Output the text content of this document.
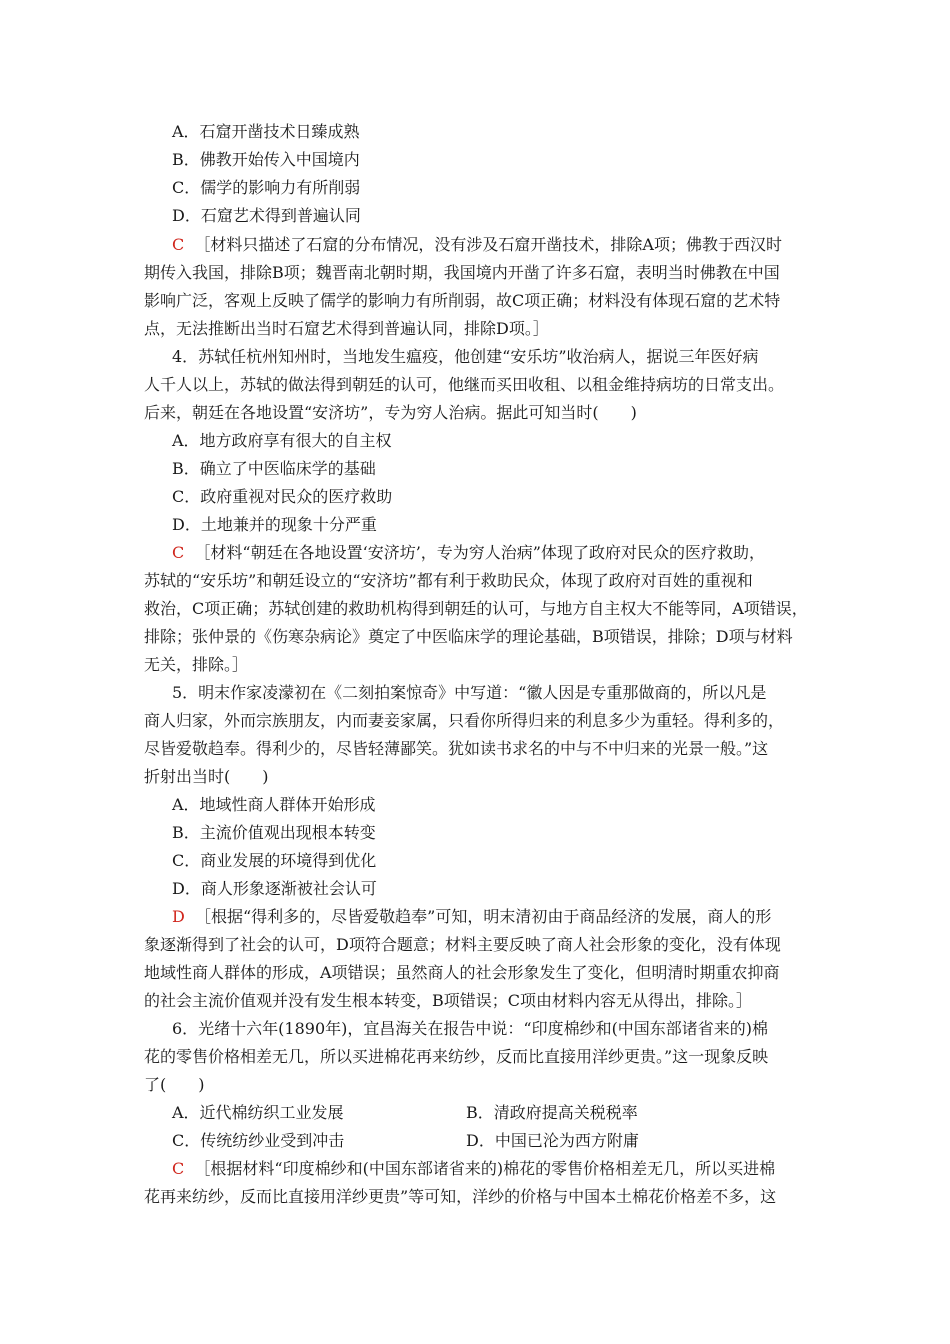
A．石窟开凿技术日臻成熟
B．佛教开始传入中国境内
C．儒学的影响力有所削弱
D．石窟艺术得到普遍认同
C ［材料只描述了石窟的分布情况，没有涉及石窟开凿技术，排除A项；佛教于西汉时
期传入我国，排除B项；魏晋南北朝时期，我国境内开凿了许多石窟，表明当时佛教在中国
影响广泛，客观上反映了儒学的影响力有所削弱，故C项正确；材料没有体现石窟的艺术特
点，无法推断出当时石窟艺术得到普遍认同，排除D项。］
4．苏轼任杭州知州时，当地发生瘟疫，他创建“安乐坊”收治病人，据说三年医好病
人千人以上，苏轼的做法得到朝廷的认可，他继而买田收租、以租金维持病坊的日常支出。
后来，朝廷在各地设置“安济坊”，专为穷人治病。据此可知当时(　　)
A．地方政府享有很大的自主权
B．确立了中医临床学的基础
C．政府重视对民众的医疗救助
D．土地兼并的现象十分严重
C ［材料“朝廷在各地设置‘安济坊’，专为穷人治病”体现了政府对民众的医疗救助，
苏轼的“安乐坊”和朝廷设立的“安济坊”都有利于救助民众，体现了政府对百姓的重视和
救治，C项正确；苏轼创建的救助机构得到朝廷的认可，与地方自主权大不能等同，A项错误，
排除；张仲景的《伤寒杂病论》奠定了中医临床学的理论基础，B项错误，排除；D项与材料
无关，排除。］
5．明末作家凌濛初在《二刻拍案惊奇》中写道：“徽人因是专重那做商的，所以凡是
商人归家，外而宗族朋友，内而妻妾家属，只看你所得归来的利息多少为重轻。得利多的，
尽皆爱敬趋奉。得利少的，尽皆轻薄鄙笑。犹如读书求名的中与不中归来的光景一般。”这
折射出当时(　　)
A．地域性商人群体开始形成
B．主流价值观出现根本转变
C．商业发展的环境得到优化
D．商人形象逐渐被社会认可
D ［根据“得利多的，尽皆爱敬趋奉”可知，明末清初由于商品经济的发展，商人的形
象逐渐得到了社会的认可，D项符合题意；材料主要反映了商人社会形象的变化，没有体现
地域性商人群体的形成，A项错误；虽然商人的社会形象发生了变化，但明清时期重农抑商
的社会主流价值观并没有发生根本转变，B项错误；C项由材料内容无从得出，排除。］
6．光绪十六年(1890年)，宜昌海关在报告中说：“印度棉纱和(中国东部诸省来的)棉
花的零售价格相差无几，所以买进棉花再来纺纱，反而比直接用洋纱更贵。”这一现象反映
了(　　)
A．近代棉纺织工业发展	B．清政府提高关税税率
C．传统纺纱业受到冲击	D．中国已沦为西方附庸
C ［根据材料“印度棉纱和(中国东部诸省来的)棉花的零售价格相差无几，所以买进棉
花再来纺纱，反而比直接用洋纱更贵”等可知，洋纱的价格与中国本土棉花价格差不多，这
